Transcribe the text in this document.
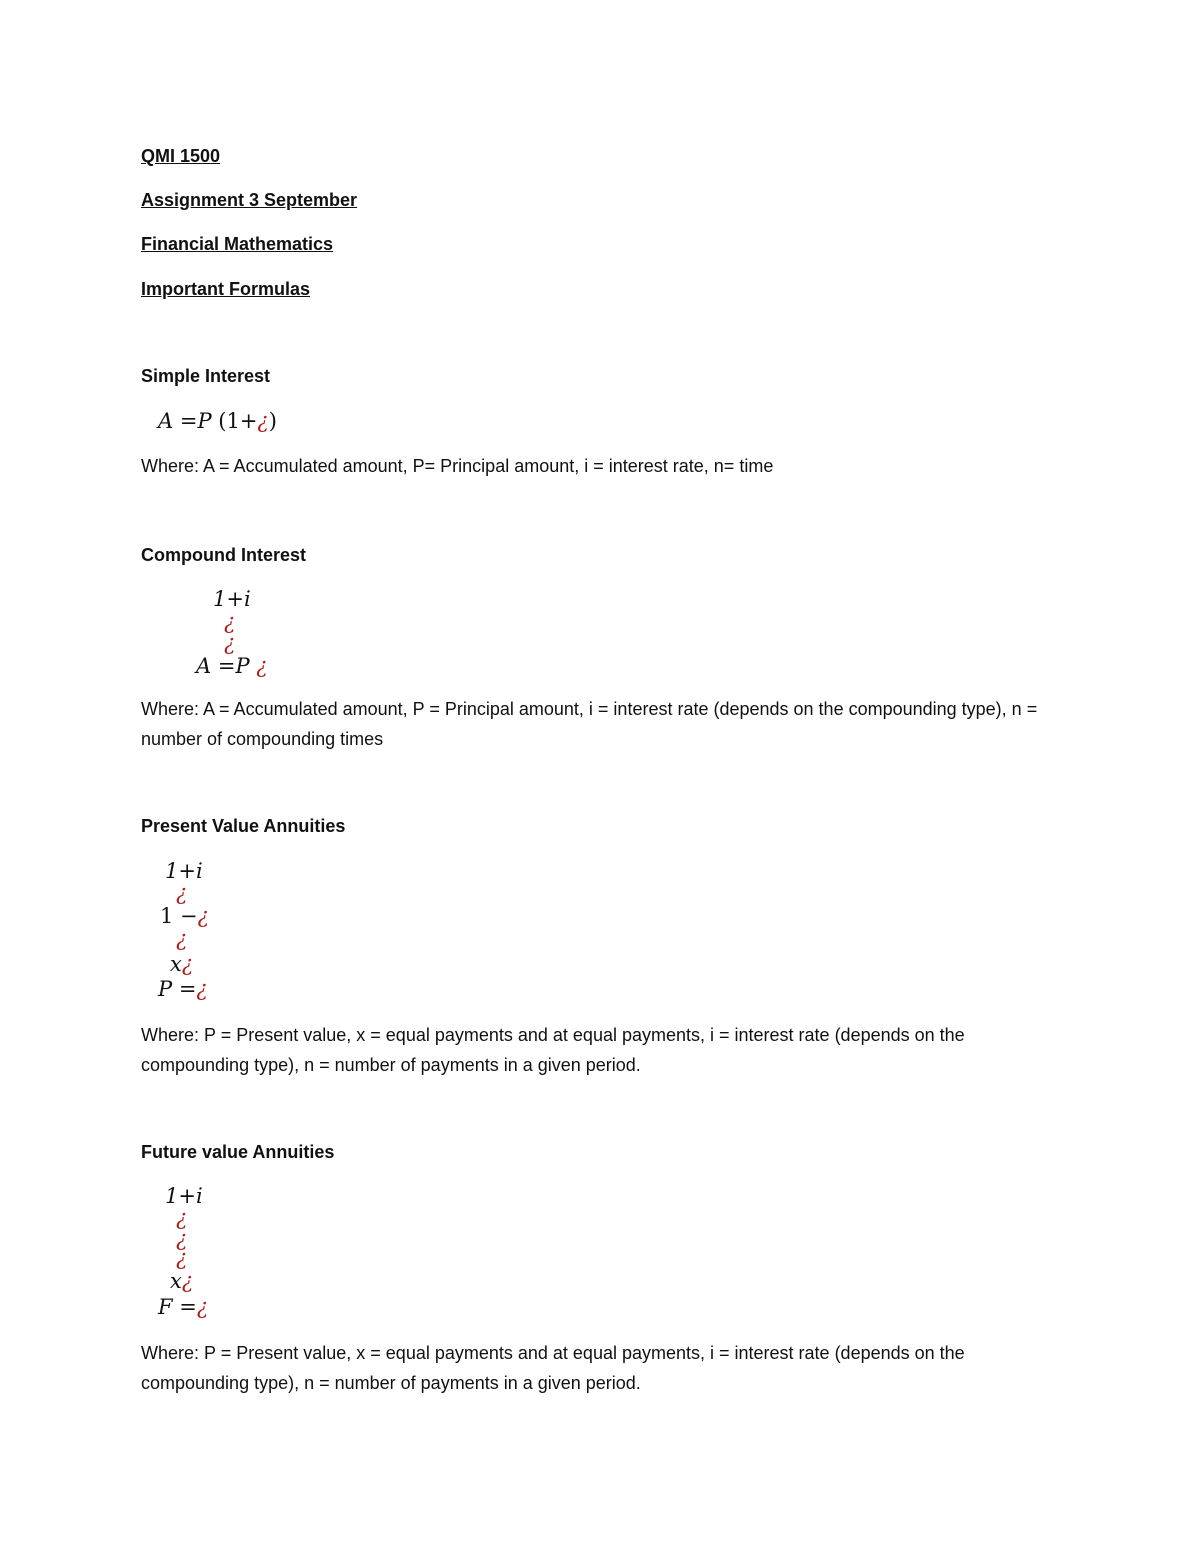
QMI 1500
Assignment 3 September
Financial Mathematics
Important Formulas
Simple Interest
A =P (1+¿)
Where: A = Accumulated amount, P= Principal amount, i = interest rate, n= time
Compound Interest
1+i
¿
¿
A =P ¿
Where: A = Accumulated amount, P = Principal amount, i = interest rate (depends on the compounding type), n = number of compounding times
Present Value Annuities
1+i
¿
1 −¿
¿
x¿
P =¿
Where: P = Present value, x = equal payments and at equal payments, i = interest rate (depends on the compounding type), n = number of payments in a given period.
Future value Annuities
1+i
¿
¿
¿
x¿
F =¿
Where: P = Present value, x = equal payments and at equal payments, i = interest rate (depends on the compounding type), n = number of payments in a given period.
